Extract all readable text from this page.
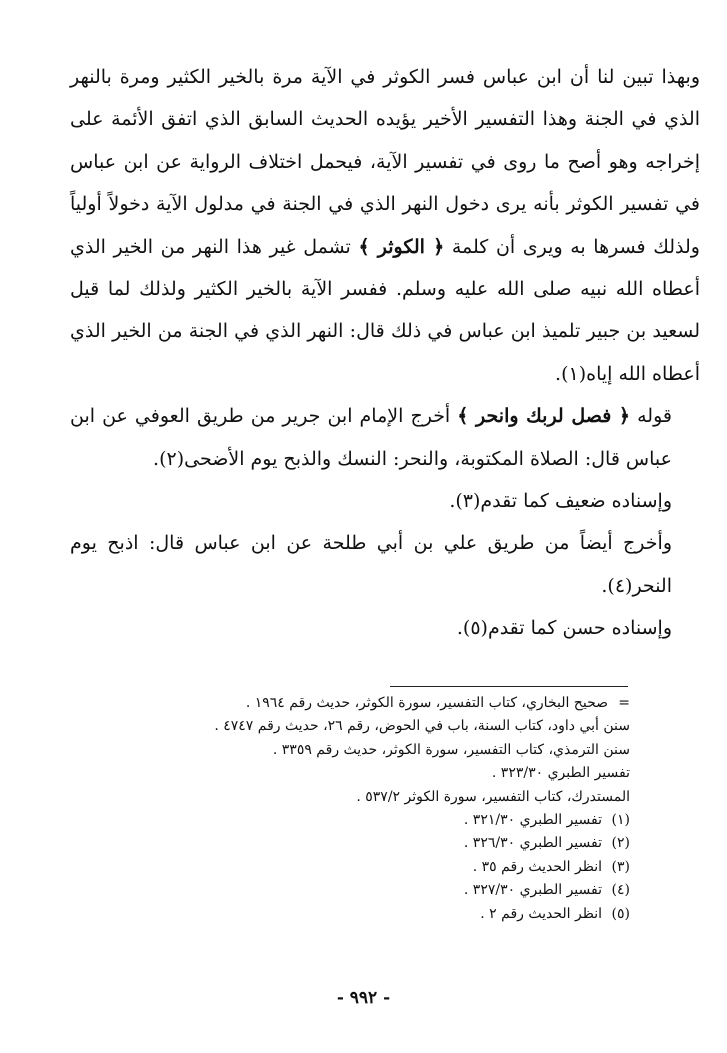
وبهذا تبين لنا أن ابن عباس فسر الكوثر في الآية مرة بالخير الكثير ومرة بالنهر الذي في الجنة وهذا التفسير الأخير يؤيده الحديث السابق الذي اتفق الأئمة على إخراجه وهو أصح ما روى في تفسير الآية، فيحمل اختلاف الرواية عن ابن عباس في تفسير الكوثر بأنه يرى دخول النهر الذي في الجنة في مدلول الآية دخولاً أولياً ولذلك فسرها به ويرى أن كلمة ﴿ الكوثر ﴾ تشمل غير هذا النهر من الخير الذي أعطاه الله نبيه صلى الله عليه وسلم. ففسر الآية بالخير الكثير ولذلك لما قيل لسعيد بن جبير تلميذ ابن عباس في ذلك قال: النهر الذي في الجنة من الخير الذي أعطاه الله إياه(١).

قوله ﴿ فصل لربك وانحر ﴾ أخرج الإمام ابن جرير من طريق العوفي عن ابن عباس قال: الصلاة المكتوبة، والنحر: النسك والذبح يوم الأضحى(٢).

وإسناده ضعيف كما تقدم(٣).

وأخرج أيضاً من طريق علي بن أبي طلحة عن ابن عباس قال: اذبح يوم النحر(٤).

وإسناده حسن كما تقدم(٥).

=صحيح البخاري، كتاب التفسير، سورة الكوثر، حديث رقم ١٩٦٤ .
سنن أبي داود، كتاب السنة، باب في الحوض، رقم ٢٦، حديث رقم ٤٧٤٧ .
سنن الترمذي، كتاب التفسير، سورة الكوثر، حديث رقم ٣٣٥٩ .
تفسير الطبري ٣٢٣/٣٠ .
المستدرك، كتاب التفسير، سورة الكوثر ٥٣٧/٢ .
(١)تفسير الطبري ٣٢١/٣٠ .
(٢)تفسير الطبري ٣٢٦/٣٠ .
(٣)انظر الحديث رقم ٣٥ .
(٤)تفسير الطبري ٣٢٧/٣٠ .
(٥)انظر الحديث رقم ٢ .
- ٩٩٢ -
